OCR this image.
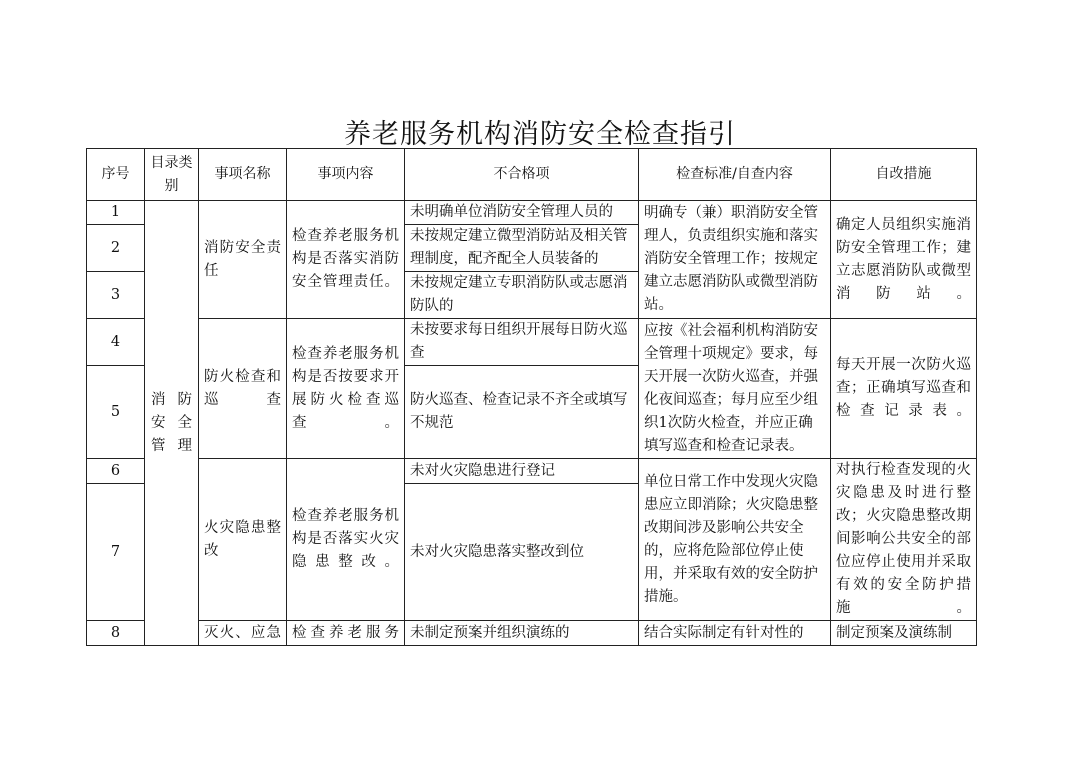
养老服务机构消防安全检查指引
序号	目录类别	事项名称	事项内容	不合格项	检查标准/自查内容	自改措施
1	消防安全管理	消防安全责任	检查养老服务机构是否落实消防安全管理责任。	未明确单位消防安全管理人员的	明确专（兼）职消防安全管理人，负责组织实施和落实消防安全管理工作；按规定建立志愿消防队或微型消防站。	确定人员组织实施消防安全管理工作；建立志愿消防队或微型消防站。
2				未按规定建立微型消防站及相关管理制度，配齐配全人员装备的		
3				未按规定建立专职消防队或志愿消防队的		
4		防火检查和巡查	检查养老服务机构是否按要求开展防火检查巡查。	未按要求每日组织开展每日防火巡查	应按《社会福利机构消防安全管理十项规定》要求，每天开展一次防火巡查，并强化夜间巡查；每月应至少组织1次防火检查，并应正确填写巡查和检查记录表。	每天开展一次防火巡查；正确填写巡查和检查记录表。
5				防火巡查、检查记录不齐全或填写不规范		
6		火灾隐患整改	检查养老服务机构是否落实火灾隐患整改。	未对火灾隐患进行登记	单位日常工作中发现火灾隐患应立即消除；火灾隐患整改期间涉及影响公共安全的，应将危险部位停止使用，并采取有效的安全防护措施。	对执行检查发现的火灾隐患及时进行整改；火灾隐患整改期间影响公共安全的部位应停止使用并采取有效的安全防护措施。
7				未对火灾隐患落实整改到位		
8		灭火、应急	检查养老服务	未制定预案并组织演练的	结合实际制定有针对性的	制定预案及演练制
